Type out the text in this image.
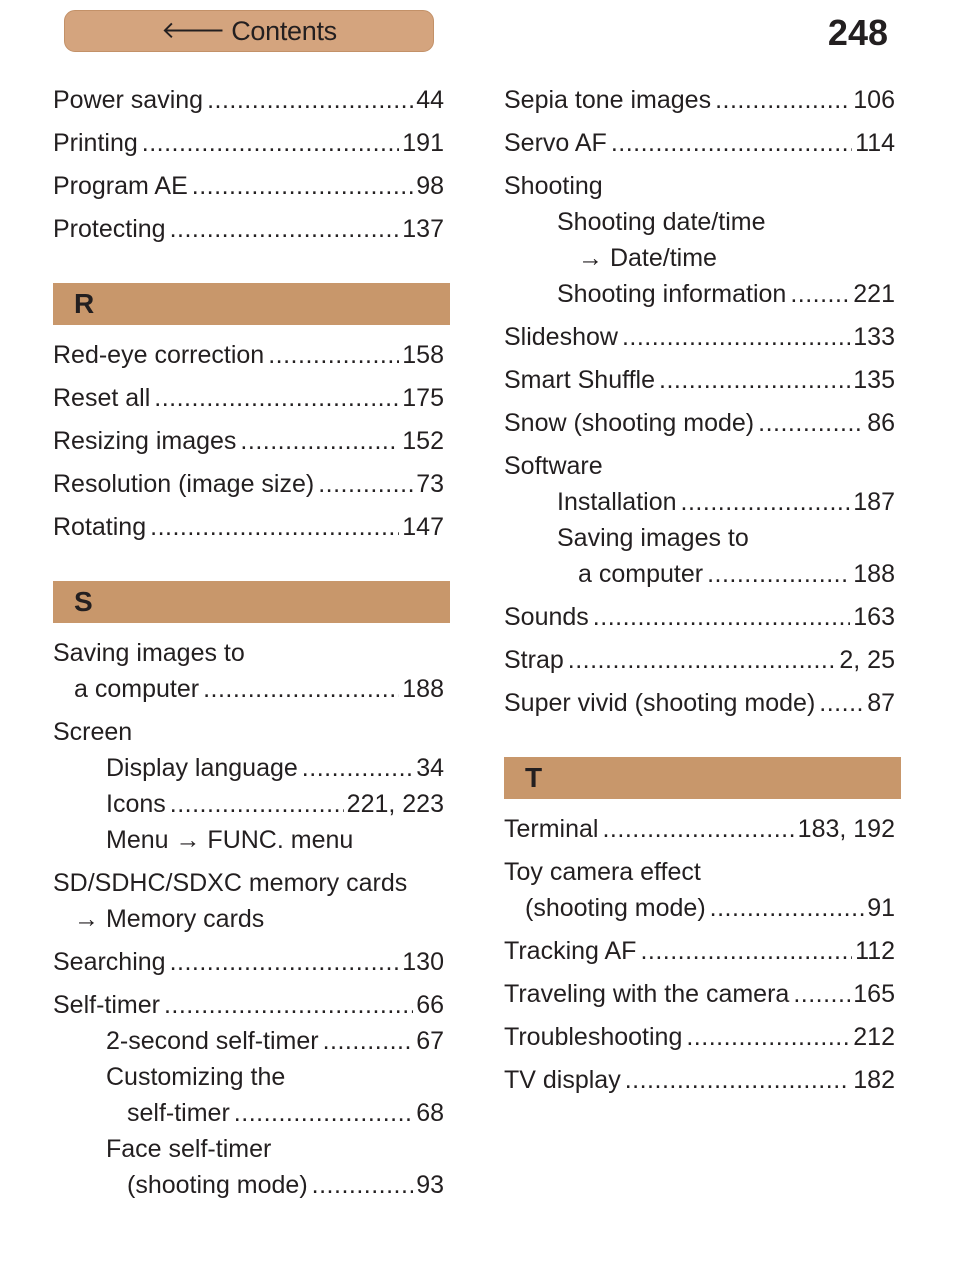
🡐 Contents	248
Power saving .....	44
Printing .....	191
Program AE .....	98
Protecting .....	137
R
Red-eye correction .....	158
Reset all .....	175
Resizing images .....	152
Resolution (image size) .....	73
Rotating .....	147
S
Saving images to
a computer .....	188
Screen
Display language .....	34
Icons .....	221, 223
Menu → FUNC. menu
SD/SDHC/SDXC memory cards
→ Memory cards
Searching .....	130
Self-timer .....	66
2-second self-timer .....	67
Customizing the
self-timer .....	68
Face self-timer
(shooting mode) .....	93
Sepia tone images .....	106
Servo AF .....	114
Shooting
Shooting date/time
→ Date/time
Shooting information .....	221
Slideshow .....	133
Smart Shuffle .....	135
Snow (shooting mode) .....	86
Software
Installation .....	187
Saving images to
a computer .....	188
Sounds .....	163
Strap .....	2, 25
Super vivid (shooting mode) ..... 87
T
Terminal .....	183, 192
Toy camera effect
(shooting mode) .....	91
Tracking AF .....	112
Traveling with the camera .....	165
Troubleshooting .....	212
TV display .....	182
